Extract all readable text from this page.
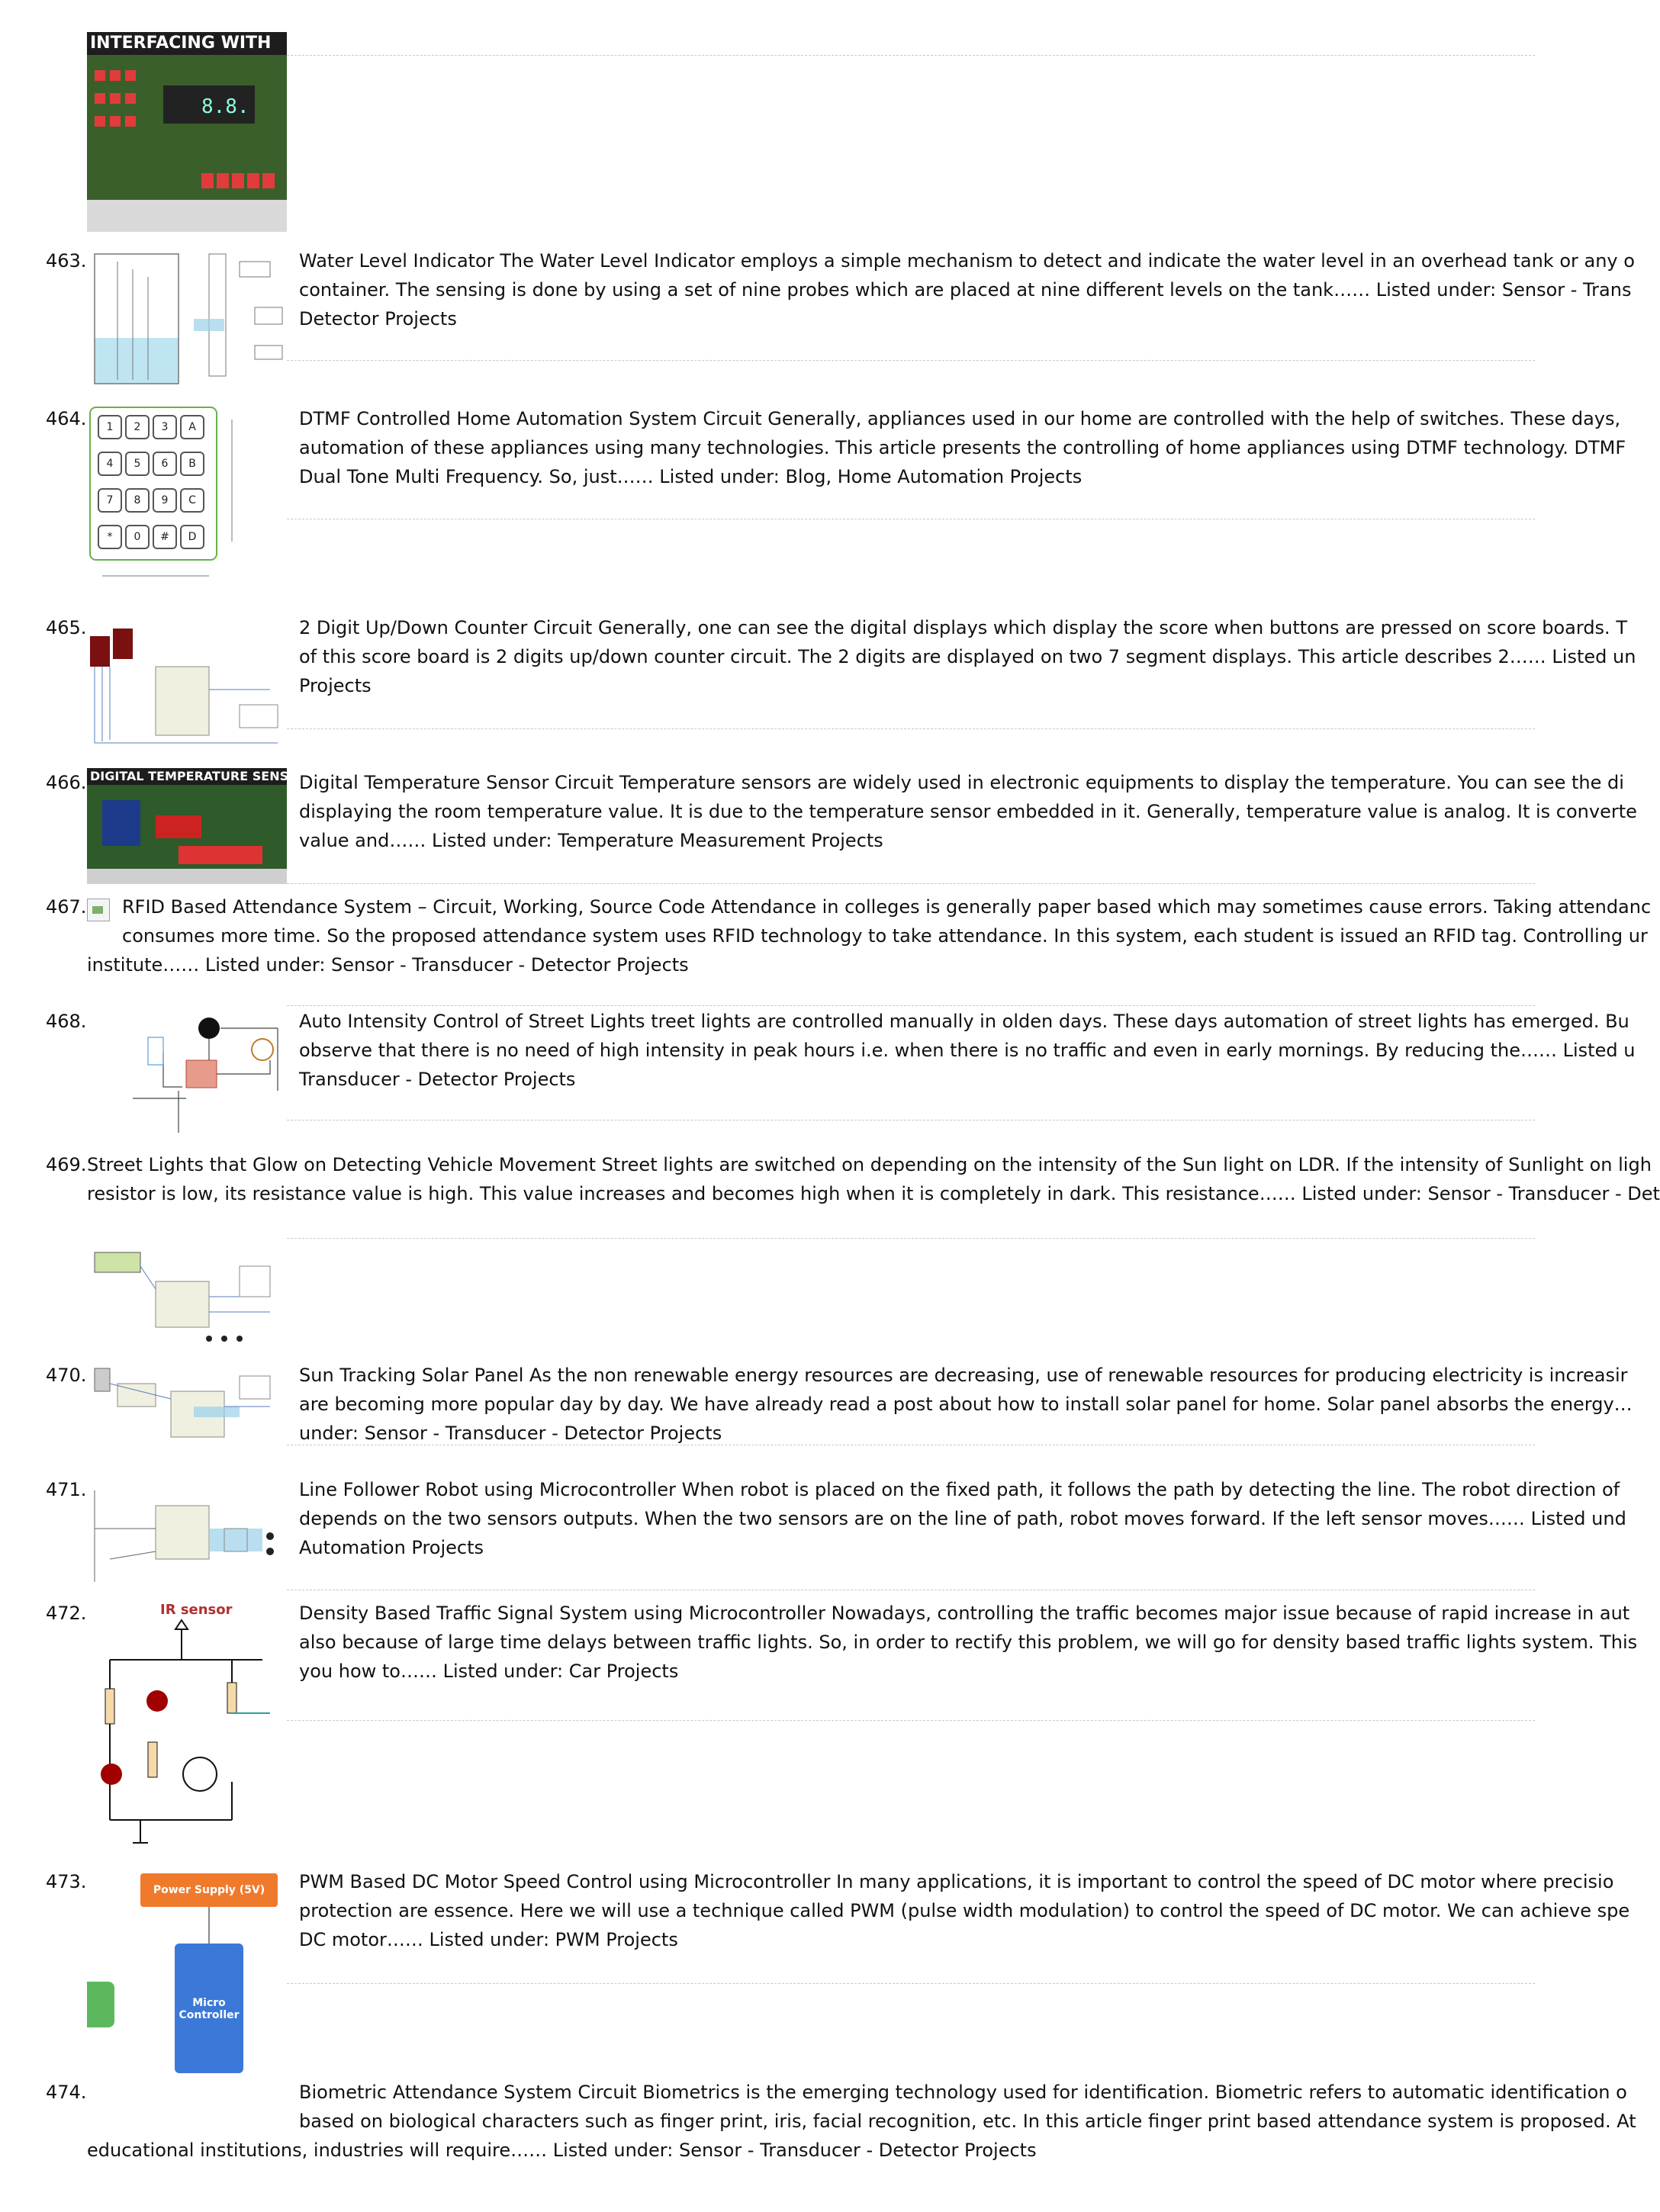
INTERFACING WITH
8.8.
463.	Water Level Indicator The Water Level Indicator employs a simple mechanism to detect and indicate the water level in an overhead tank or any o
container. The sensing is done by using a set of nine probes which are placed at nine different levels on the tank…… Listed under: Sensor - Trans
Detector Projects
464.	1	2	3	A
4	5	6	B
7	8	9	C
*	0	#	D
DTMF Controlled Home Automation System Circuit Generally, appliances used in our home are controlled with the help of switches. These days,
automation of these appliances using many technologies. This article presents the controlling of home appliances using DTMF technology. DTMF
Dual Tone Multi Frequency. So, just…… Listed under: Blog, Home Automation Projects
465.	2 Digit Up/Down Counter Circuit Generally, one can see the digital displays which display the score when buttons are pressed on score boards. T
of this score board is 2 digits up/down counter circuit. The 2 digits are displayed on two 7 segment displays. This article describes 2…… Listed un
Projects
466. DIGITAL TEMPERATURE SENSOR
Digital Temperature Sensor Circuit Temperature sensors are widely used in electronic equipments to display the temperature. You can see the di
displaying the room temperature value. It is due to the temperature sensor embedded in it. Generally, temperature value is analog. It is converte
value and…… Listed under: Temperature Measurement Projects
467. RFID Based Attendance System – Circuit, Working, Source Code Attendance in colleges is generally paper based which may sometimes cause errors. Taking attendanc
consumes more time. So the proposed attendance system uses RFID technology to take attendance. In this system, each student is issued an RFID tag. Controlling ur
institute…… Listed under: Sensor - Transducer - Detector Projects
468.	Auto Intensity Control of Street Lights treet lights are controlled manually in olden days. These days automation of street lights has emerged. Bu
observe that there is no need of high intensity in peak hours i.e. when there is no traffic and even in early mornings. By reducing the…… Listed u
Transducer - Detector Projects
469. Street Lights that Glow on Detecting Vehicle Movement Street lights are switched on depending on the intensity of the Sun light on LDR. If the intensity of Sunlight on ligh
resistor is low, its resistance value is high. This value increases and becomes high when it is completely in dark. This resistance…… Listed under: Sensor - Transducer - Det
470.	Sun Tracking Solar Panel As the non renewable energy resources are decreasing, use of renewable resources for producing electricity is increasir
are becoming more popular day by day. We have already read a post about how to install solar panel for home. Solar panel absorbs the energy…
under: Sensor - Transducer - Detector Projects
471.	Line Follower Robot using Microcontroller When robot is placed on the fixed path, it follows the path by detecting the line. The robot direction of
depends on the two sensors outputs. When the two sensors are on the line of path, robot moves forward. If the left sensor moves…… Listed und
Automation Projects
472.	IR sensor	Density Based Traffic Signal System using Microcontroller Nowadays, controlling the traffic becomes major issue because of rapid increase in aut
also because of large time delays between traffic lights. So, in order to rectify this problem, we will go for density based traffic lights system. This
you how to…… Listed under: Car Projects
473.	Power Supply (5V)
Micro Controller
PWM Based DC Motor Speed Control using Microcontroller In many applications, it is important to control the speed of DC motor where precisio
protection are essence. Here we will use a technique called PWM (pulse width modulation) to control the speed of DC motor. We can achieve spe
DC motor…… Listed under: PWM Projects
474.	Biometric Attendance System Circuit Biometrics is the emerging technology used for identification. Biometric refers to automatic identification o
based on biological characters such as finger print, iris, facial recognition, etc. In this article finger print based attendance system is proposed. At
educational institutions, industries will require…… Listed under: Sensor - Transducer - Detector Projects
